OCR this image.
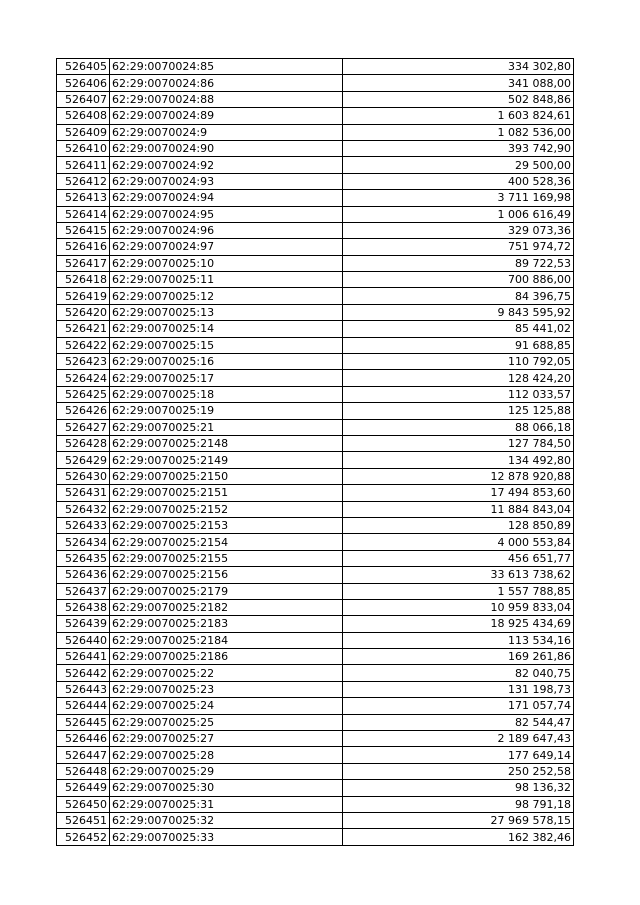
526405	62:29:0070024:85	334 302,80
526406	62:29:0070024:86	341 088,00
526407	62:29:0070024:88	502 848,86
526408	62:29:0070024:89	1 603 824,61
526409	62:29:0070024:9	1 082 536,00
526410	62:29:0070024:90	393 742,90
526411	62:29:0070024:92	29 500,00
526412	62:29:0070024:93	400 528,36
526413	62:29:0070024:94	3 711 169,98
526414	62:29:0070024:95	1 006 616,49
526415	62:29:0070024:96	329 073,36
526416	62:29:0070024:97	751 974,72
526417	62:29:0070025:10	89 722,53
526418	62:29:0070025:11	700 886,00
526419	62:29:0070025:12	84 396,75
526420	62:29:0070025:13	9 843 595,92
526421	62:29:0070025:14	85 441,02
526422	62:29:0070025:15	91 688,85
526423	62:29:0070025:16	110 792,05
526424	62:29:0070025:17	128 424,20
526425	62:29:0070025:18	112 033,57
526426	62:29:0070025:19	125 125,88
526427	62:29:0070025:21	88 066,18
526428	62:29:0070025:2148	127 784,50
526429	62:29:0070025:2149	134 492,80
526430	62:29:0070025:2150	12 878 920,88
526431	62:29:0070025:2151	17 494 853,60
526432	62:29:0070025:2152	11 884 843,04
526433	62:29:0070025:2153	128 850,89
526434	62:29:0070025:2154	4 000 553,84
526435	62:29:0070025:2155	456 651,77
526436	62:29:0070025:2156	33 613 738,62
526437	62:29:0070025:2179	1 557 788,85
526438	62:29:0070025:2182	10 959 833,04
526439	62:29:0070025:2183	18 925 434,69
526440	62:29:0070025:2184	113 534,16
526441	62:29:0070025:2186	169 261,86
526442	62:29:0070025:22	82 040,75
526443	62:29:0070025:23	131 198,73
526444	62:29:0070025:24	171 057,74
526445	62:29:0070025:25	82 544,47
526446	62:29:0070025:27	2 189 647,43
526447	62:29:0070025:28	177 649,14
526448	62:29:0070025:29	250 252,58
526449	62:29:0070025:30	98 136,32
526450	62:29:0070025:31	98 791,18
526451	62:29:0070025:32	27 969 578,15
526452	62:29:0070025:33	162 382,46
